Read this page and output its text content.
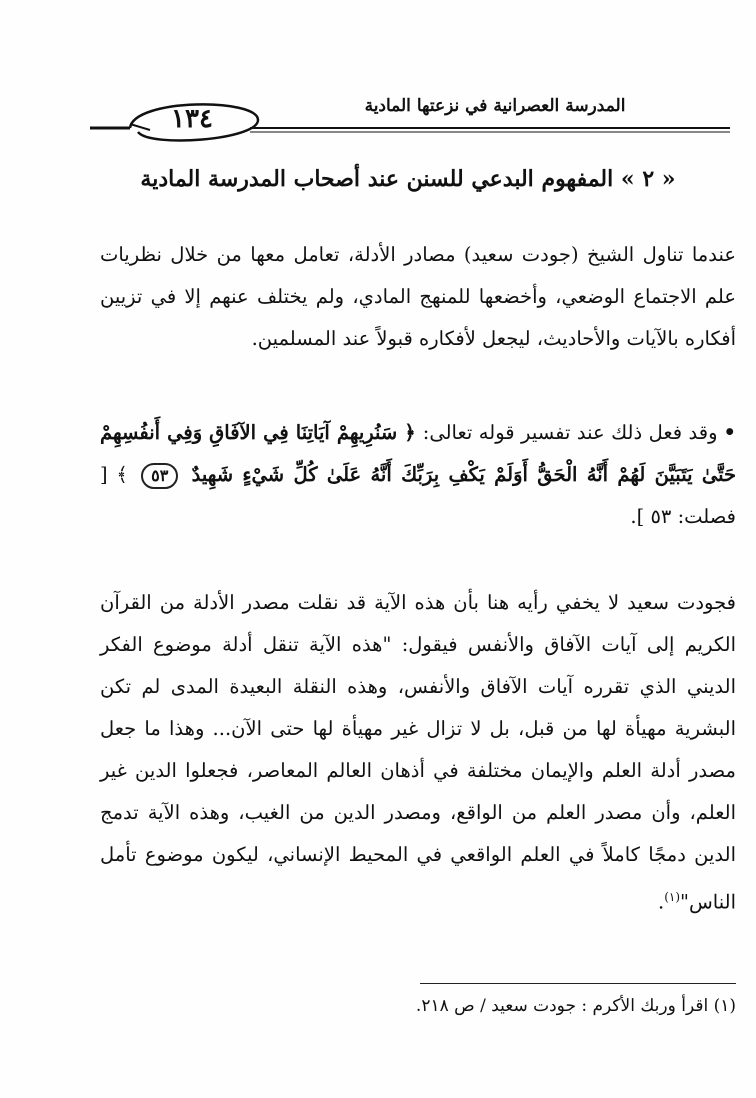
١٣٤	المدرسة العصرانية في نزعتها المادية
« ٢ » المفهوم البدعي للسنن عند أصحاب المدرسة المادية

عندما تناول الشيخ (جودت سعيد) مصادر الأدلة، تعامل معها من خلال نظريات علم الاجتماع الوضعي، وأخضعها للمنهج المادي، ولم يختلف عنهم إلا في تزيين أفكاره بالآيات والأحاديث، ليجعل لأفكاره قبولاً عند المسلمين.

•وقد فعل ذلك عند تفسير قوله تعالى: ﴿ سَنُرِيهِمْ آيَاتِنَا فِي الآفَاقِ وَفِي أَنفُسِهِمْ حَتَّىٰ يَتَبَيَّنَ لَهُمْ أَنَّهُ الْحَقُّ أَوَلَمْ يَكْفِ بِرَبِّكَ أَنَّهُ عَلَىٰ كُلِّ شَيْءٍ شَهِيدٌ ٥٣ ﴾ [ فصلت: ٥٣ ].

فجودت سعيد لا يخفي رأيه هنا بأن هذه الآية قد نقلت مصدر الأدلة من القرآن الكريم إلى آيات الآفاق والأنفس فيقول: "هذه الآية تنقل أدلة موضوع الفكر الديني الذي تقرره آيات الآفاق والأنفس، وهذه النقلة البعيدة المدى لم تكن البشرية مهيأة لها من قبل، بل لا تزال غير مهيأة لها حتى الآن... وهذا ما جعل مصدر أدلة العلم والإيمان مختلفة في أذهان العالم المعاصر، فجعلوا الدين غير العلم، وأن مصدر العلم من الواقع، ومصدر الدين من الغيب، وهذه الآية تدمج الدين دمجًا كاملاً في العلم الواقعي في المحيط الإنساني، ليكون موضوع تأمل الناس"$^{(١)}$.

(١) اقرأ وربك الأكرم : جودت سعيد / ص ٢١٨.
